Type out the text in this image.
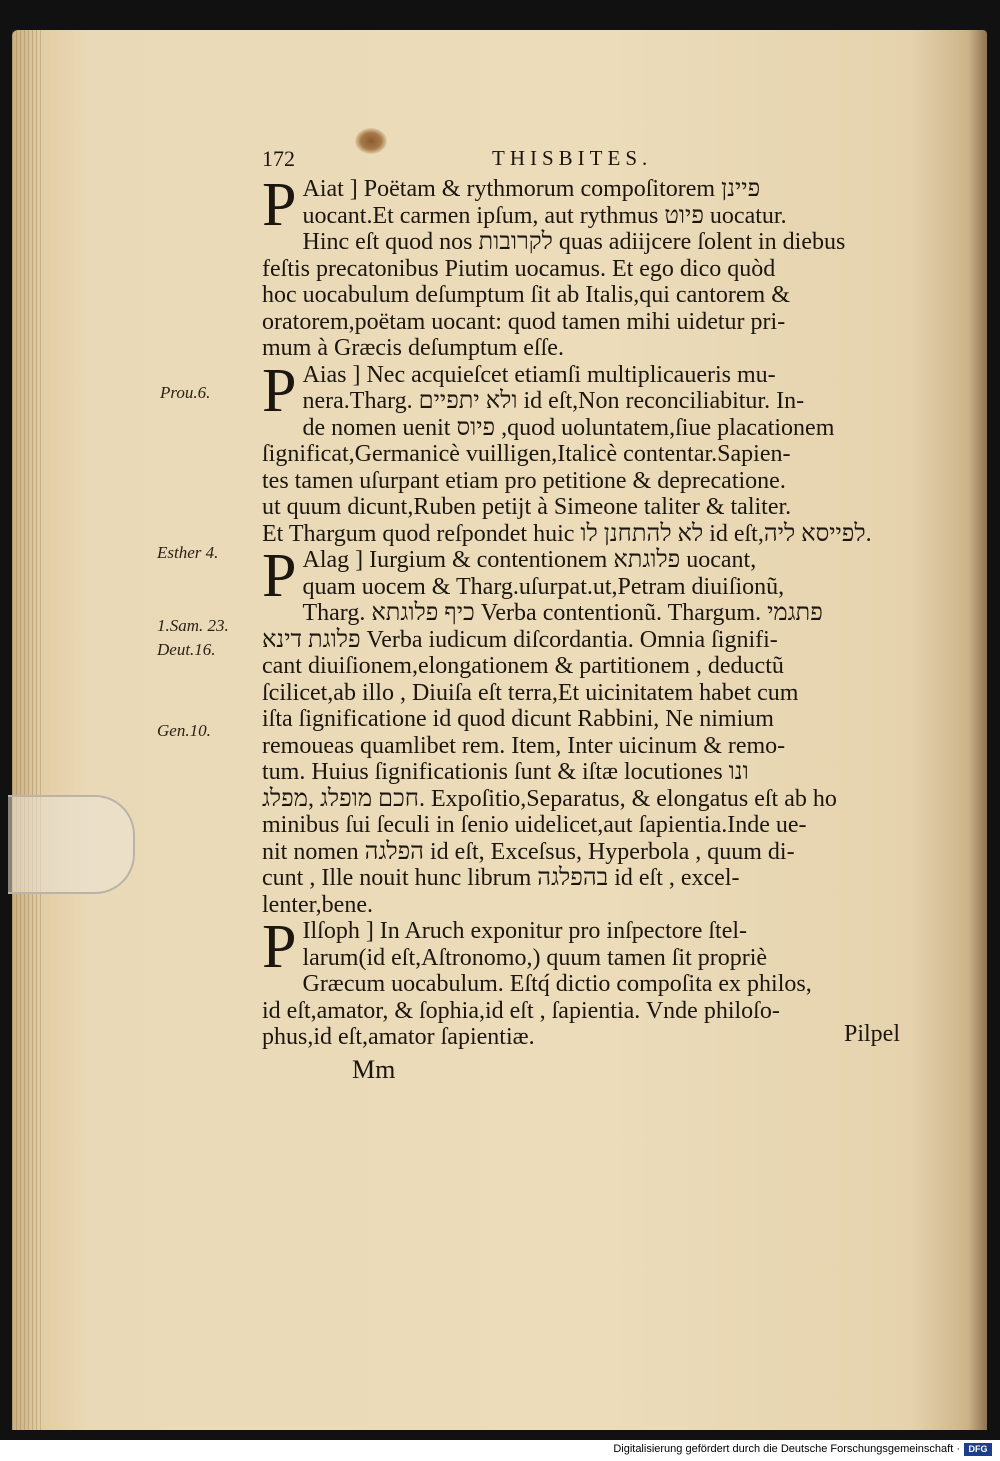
172	THISBITES.
Prou.6.
Esther 4.
1.Sam. 23.
Deut.16.
Gen.10.
P Aiat ] Poëtam & rythmorum compoſitorem פיינן
uocant.Et carmen ipſum, aut rythmus פיוט uocatur.
Hinc eſt quod nos לקרובות quas adiĳcere ſolent in diebus
feſtis precatonibus Piutim uocamus. Et ego dico quòd
hoc uocabulum deſumptum ſit ab Italis,qui cantorem &
oratorem,poëtam uocant: quod tamen mihi uidetur pri-
mum à Græcis deſumptum eſſe.
P Aias ] Nec acquieſcet etiamſi multiplicaueris mu-
nera.Tharg. ולא יתפיים id eſt,Non reconciliabitur. In-
de nomen uenit פיוס ,quod uoluntatem,ſiue placationem
ſignificat,Germanicè vuilligen,Italicè contentar.Sapien-
tes tamen uſurpant etiam pro petitione & deprecatione.
ut quum dicunt,Ruben petĳt à Simeone taliter & taliter.
Et Thargum quod reſpondet huic לא להתחנן לו id eſt,לפייסא ליה.
P Alag ] Iurgium & contentionem פלוגתא uocant,
quam uocem & Tharg.uſurpat.ut,Petram diuiſionũ,
Tharg. כיף פלוגתא Verba contentionũ. Thargum. פתגמי
פלוגת דינא Verba iudicum diſcordantia. Omnia ſignifi-
cant diuiſionem,elongationem & partitionem , deductũ
ſcilicet,ab illo , Diuiſa eſt terra,Et uicinitatem habet cum
iſta ſignificatione id quod dicunt Rabbini, Ne nimium
remoueas quamlibet rem. Item, Inter uicinum & remo-
tum. Huius ſignificationis ſunt & iſtæ locutiones ונו
חכם מופלג ,מפלג. Expoſitio,Separatus, & elongatus eſt ab ho
minibus ſui ſeculi in ſenio uidelicet,aut ſapientia.Inde ue-
nit nomen הפלגה id eſt, Exceſsus, Hyperbola , quum di-
cunt , Ille nouit hunc librum בהפלגה id eſt , excel-
lenter,bene.
P Ilſoph ] In Aruch exponitur pro inſpectore ſtel-
larum(id eſt,Aſtronomo,) quum tamen ſit propriè
Græcum uocabulum. Eſtq́ dictio compoſita ex philos,
id eſt,amator, & ſophia,id eſt , ſapientia. Vnde philoſo-
phus,id eſt,amator ſapientiæ.
Mm
Pilpel
Digitalisierung gefördert durch die Deutsche Forschungsgemeinschaft · DFG
